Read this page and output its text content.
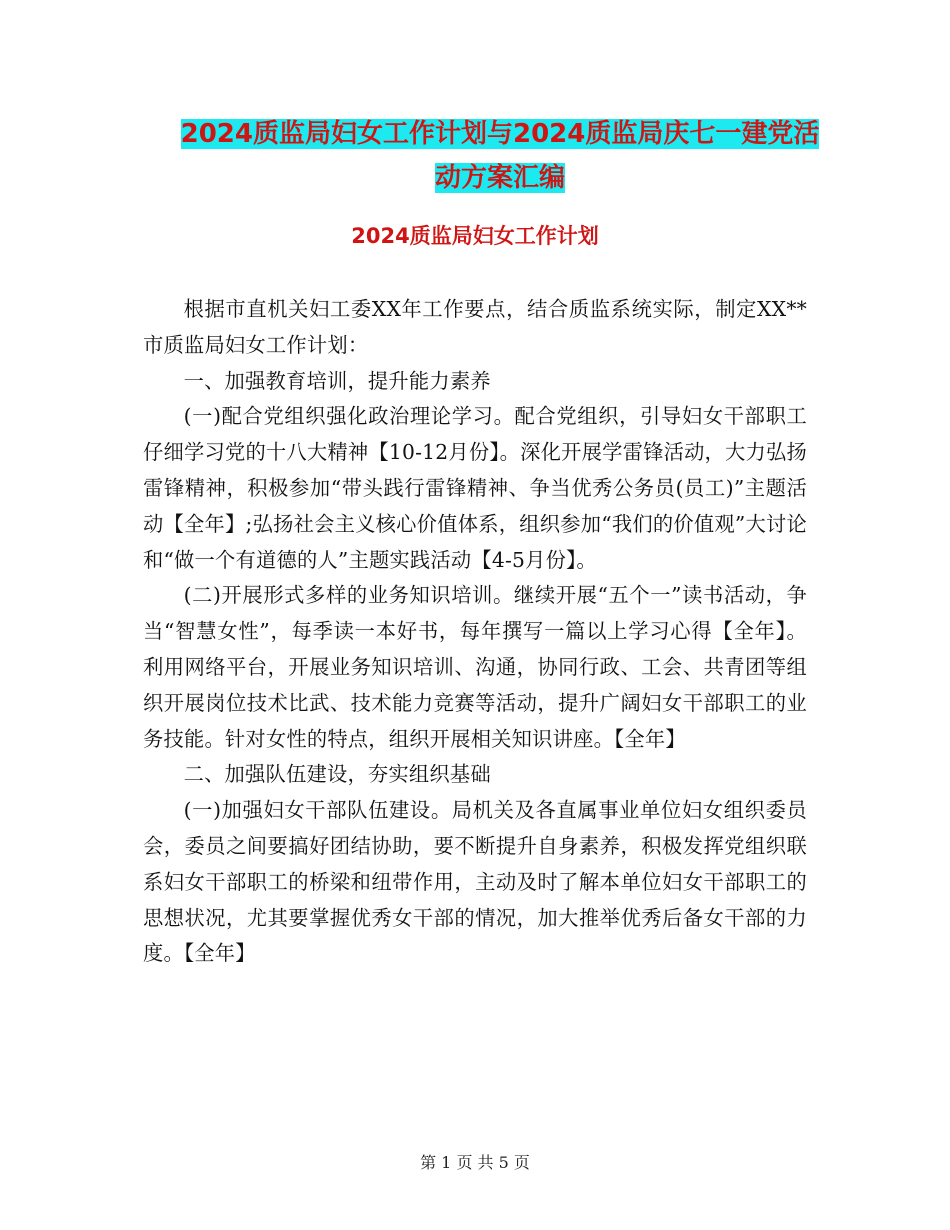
2024质监局妇女工作计划与2024质监局庆七一建党活
动方案汇编
2024质监局妇女工作计划

根据市直机关妇工委XX年工作要点，结合质监系统实际，制定XX**市质监局妇女工作计划：

一、加强教育培训，提升能力素养

(一)配合党组织强化政治理论学习。配合党组织，引导妇女干部职工仔细学习党的十八大精神【10-12月份】。深化开展学雷锋活动，大力弘扬雷锋精神，积极参加“带头践行雷锋精神、争当优秀公务员(员工)”主题活动【全年】;弘扬社会主义核心价值体系，组织参加“我们的价值观”大讨论和“做一个有道德的人”主题实践活动【4-5月份】。

(二)开展形式多样的业务知识培训。继续开展“五个一”读书活动，争当“智慧女性”，每季读一本好书，每年撰写一篇以上学习心得【全年】。利用网络平台，开展业务知识培训、沟通，协同行政、工会、共青团等组织开展岗位技术比武、技术能力竞赛等活动，提升广阔妇女干部职工的业务技能。针对女性的特点，组织开展相关知识讲座。【全年】

二、加强队伍建设，夯实组织基础

(一)加强妇女干部队伍建设。局机关及各直属事业单位妇女组织委员会，委员之间要搞好团结协助，要不断提升自身素养，积极发挥党组织联系妇女干部职工的桥梁和纽带作用，主动及时了解本单位妇女干部职工的思想状况，尤其要掌握优秀女干部的情况，加大推举优秀后备女干部的力度。【全年】

第 1 页 共 5 页
